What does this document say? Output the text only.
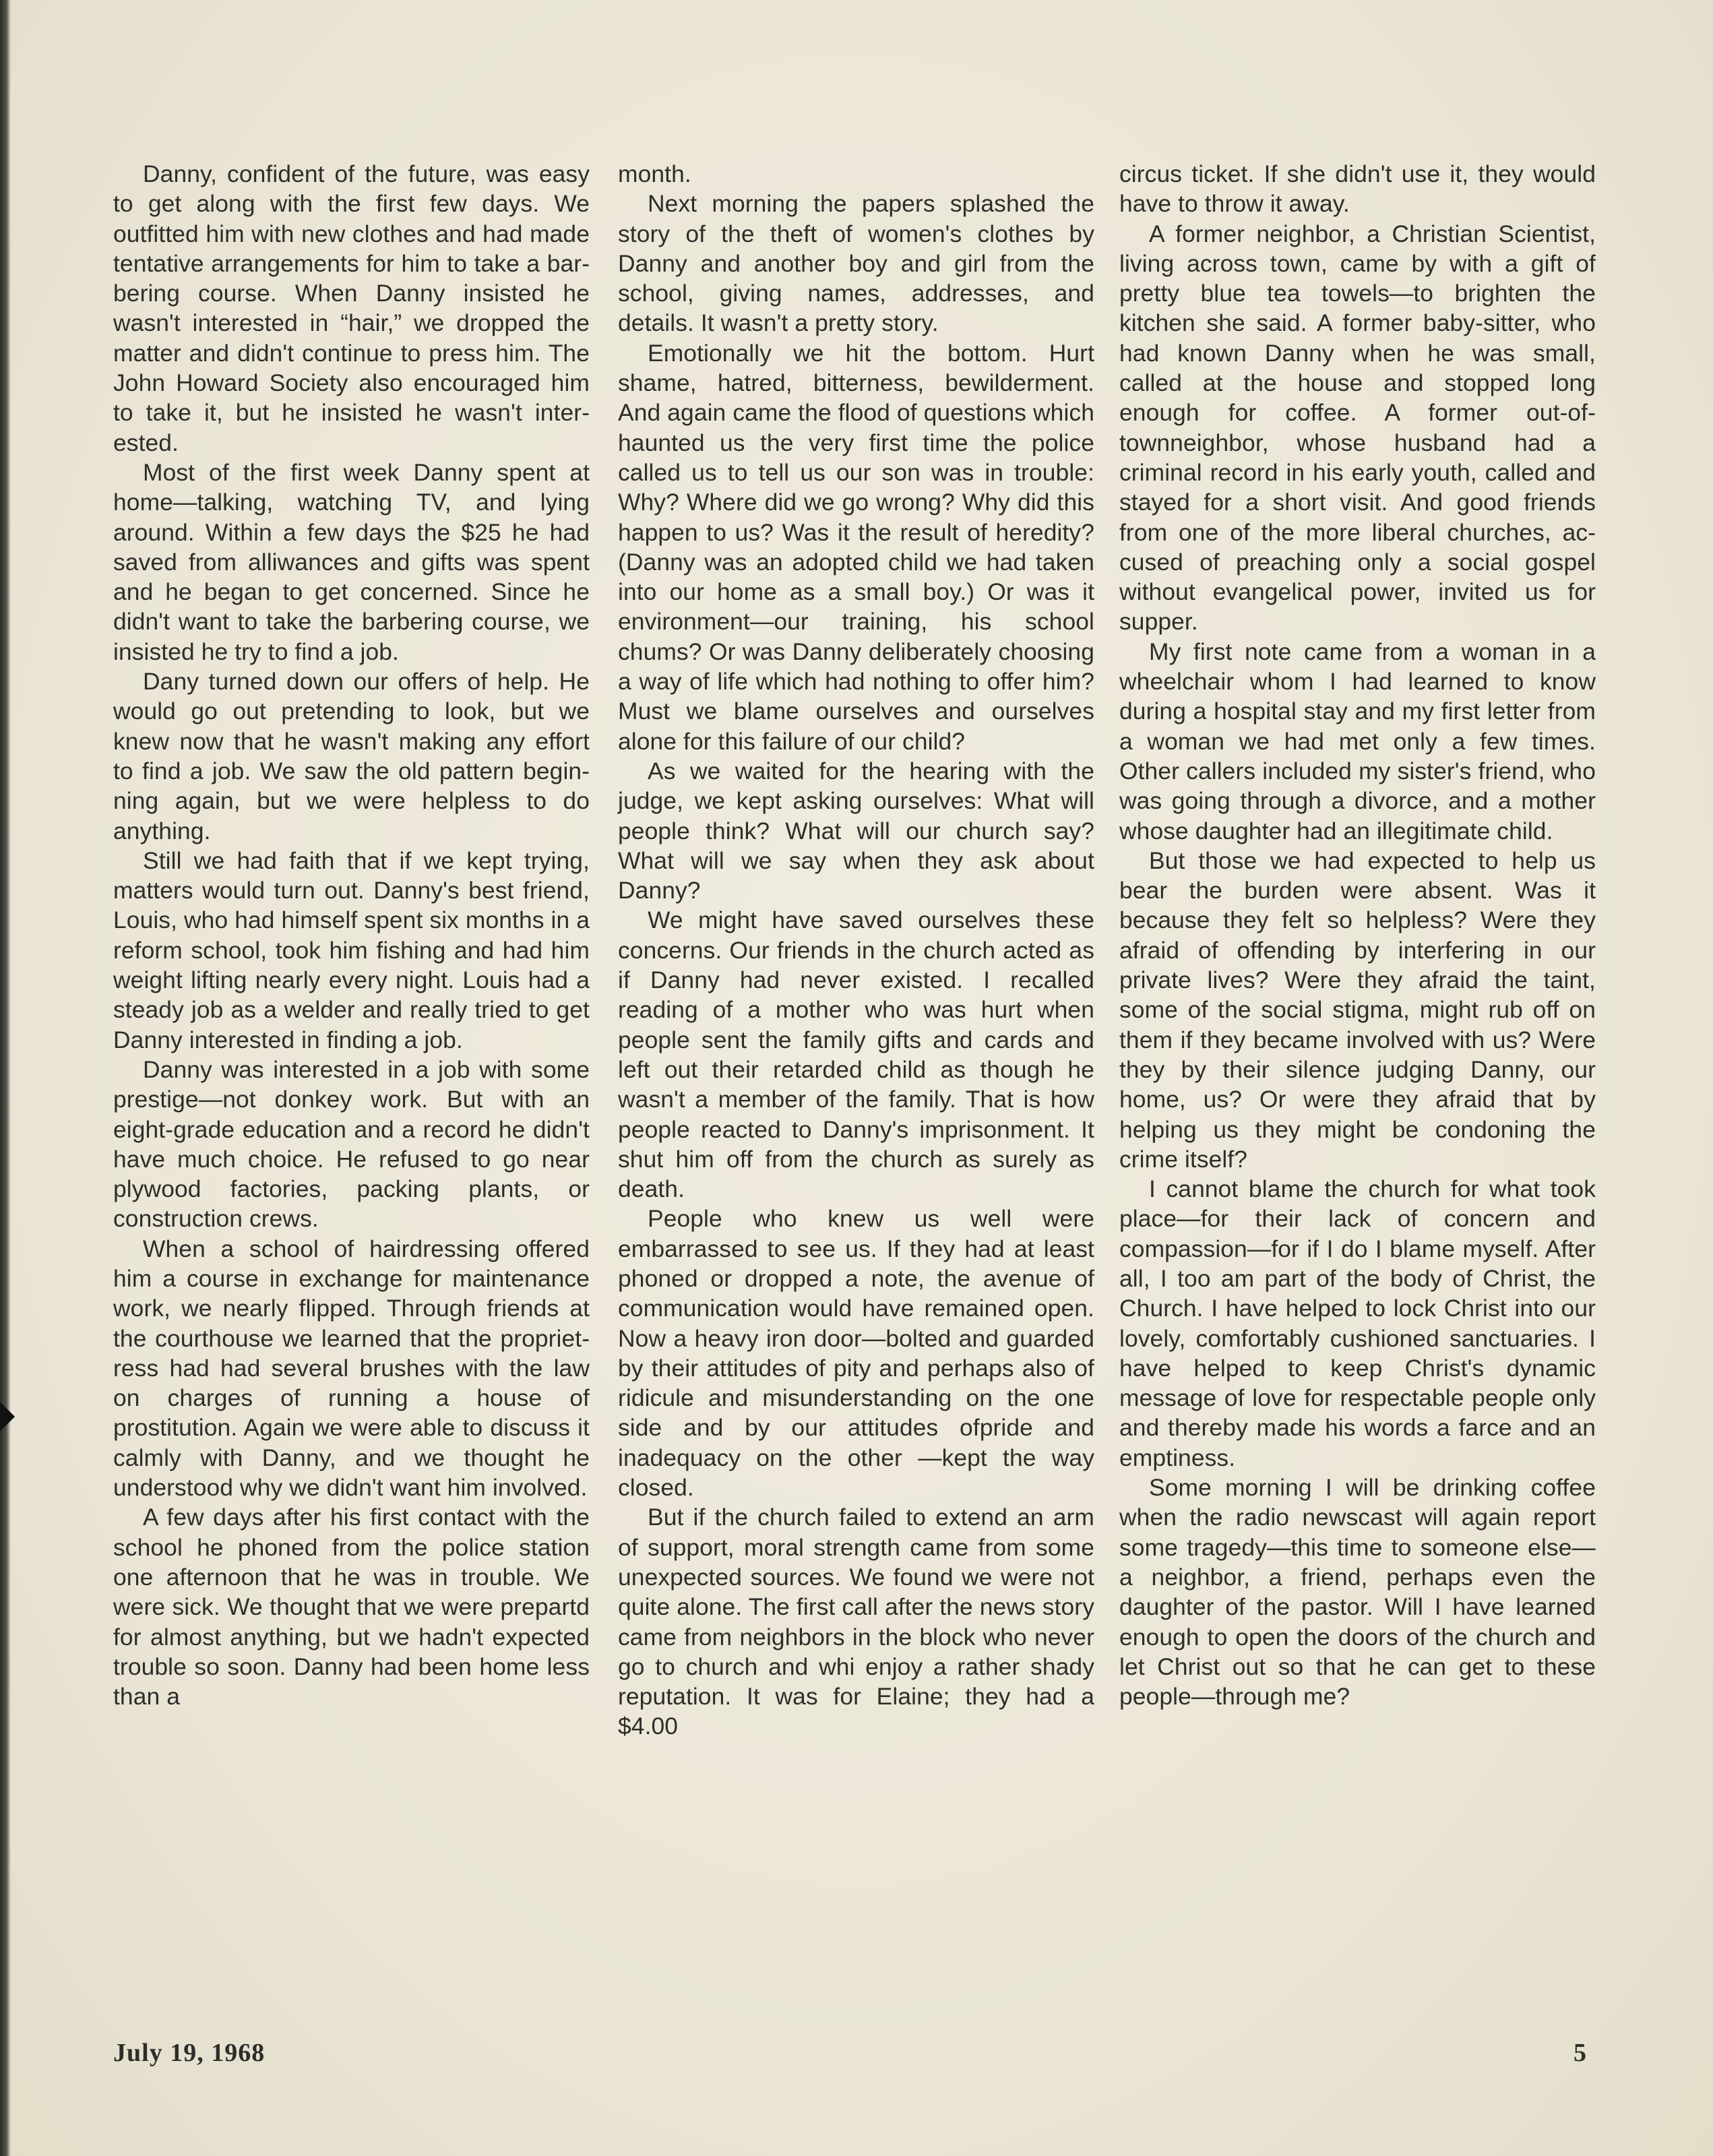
Danny, confident of the future, was easy to get along with the first few days. We outfitted him with new clothes and had made tentative arrangements for him to take a barbering course. When Danny insisted he wasn't interested in “hair,” we dropped the matter and didn't continue to press him. The John Howard Society also encouraged him to take it, but he insisted he wasn't interested.

Most of the first week Danny spent at home—talking, watching TV, and lying around. Within a few days the $25 he had saved from alliwances and gifts was spent and he began to get concerned. Since he didn't want to take the barbering course, we insisted he try to find a job.

Dany turned down our offers of help. He would go out pretending to look, but we knew now that he wasn't making any effort to find a job. We saw the old pattern beginning again, but we were helpless to do anything.

Still we had faith that if we kept trying, matters would turn out. Danny's best friend, Louis, who had himself spent six months in a reform school, took him fishing and had him weight lifting nearly every night. Louis had a steady job as a welder and really tried to get Danny interested in finding a job.

Danny was interested in a job with some prestige—not donkey work. But with an eight-grade education and a record he didn't have much choice. He refused to go near plywood factories, packing plants, or construction crews.

When a school of hairdressing offered him a course in exchange for maintenance work, we nearly flipped. Through friends at the courthouse we learned that the proprietress had had several brushes with the law on charges of running a house of prostitution. Again we were able to discuss it calmly with Danny, and we thought he understood why we didn't want him involved.

A few days after his first contact with the school he phoned from the police station one afternoon that he was in trouble. We were sick. We thought that we were prepartd for almost anything, but we hadn't expected trouble so soon. Danny had been home less than a

month.

Next morning the papers splashed the story of the theft of women's clothes by Danny and another boy and girl from the school, giving names, addresses, and details. It wasn't a pretty story.

Emotionally we hit the bottom. Hurt shame, hatred, bitterness, bewilderment. And again came the flood of questions which haunted us the very first time the police called us to tell us our son was in trouble: Why? Where did we go wrong? Why did this happen to us? Was it the result of heredity? (Danny was an adopted child we had taken into our home as a small boy.) Or was it environment—our training, his school chums? Or was Danny deliberately choosing a way of life which had nothing to offer him? Must we blame ourselves and ourselves alone for this failure of our child?

As we waited for the hearing with the judge, we kept asking ourselves: What will people think? What will our church say? What will we say when they ask about Danny?

We might have saved ourselves these concerns. Our friends in the church acted as if Danny had never existed. I recalled reading of a mother who was hurt when people sent the family gifts and cards and left out their retarded child as though he wasn't a member of the family. That is how people reacted to Danny's imprisonment. It shut him off from the church as surely as death.

People who knew us well were embarrassed to see us. If they had at least phoned or dropped a note, the avenue of communication would have remained open. Now a heavy iron door—bolted and guarded by their attitudes of pity and perhaps also of ridicule and misunderstanding on the one side and by our attitudes ofpride and inadequacy on the other —kept the way closed.

But if the church failed to extend an arm of support, moral strength came from some unexpected sources. We found we were not quite alone. The first call after the news story came from neighbors in the block who never go to church and whi enjoy a rather shady reputation. It was for Elaine; they had a $4.00

circus ticket. If she didn't use it, they would have to throw it away.

A former neighbor, a Christian Scientist, living across town, came by with a gift of pretty blue tea towels—to brighten the kitchen she said. A former baby-sitter, who had known Danny when he was small, called at the house and stopped long enough for coffee. A former out-of-townneighbor, whose husband had a criminal record in his early youth, called and stayed for a short visit. And good friends from one of the more liberal churches, accused of preaching only a social gospel without evangelical power, invited us for supper.

My first note came from a woman in a wheelchair whom I had learned to know during a hospital stay and my first letter from a woman we had met only a few times. Other callers included my sister's friend, who was going through a divorce, and a mother whose daughter had an illegitimate child.

But those we had expected to help us bear the burden were absent. Was it because they felt so helpless? Were they afraid of offending by interfering in our private lives? Were they afraid the taint, some of the social stigma, might rub off on them if they became involved with us? Were they by their silence judging Danny, our home, us? Or were they afraid that by helping us they might be condoning the crime itself?

I cannot blame the church for what took place—for their lack of concern and compassion—for if I do I blame myself. After all, I too am part of the body of Christ, the Church. I have helped to lock Christ into our lovely, comfortably cushioned sanctuaries. I have helped to keep Christ's dynamic message of love for respectable people only and thereby made his words a farce and an emptiness.

Some morning I will be drinking coffee when the radio newscast will again report some tragedy—this time to someone else—a neighbor, a friend, perhaps even the daughter of the pastor. Will I have learned enough to open the doors of the church and let Christ out so that he can get to these people—through me?

July 19, 1968	5
